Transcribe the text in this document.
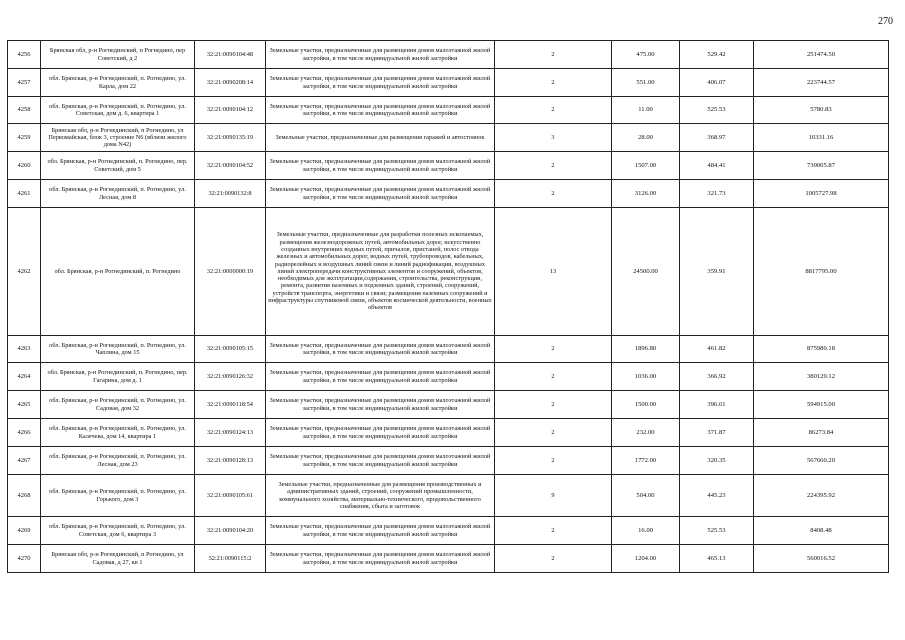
270
4256	Брянская обл, р-н Рогнединский, п Рогнедино, пер Советский, д 2	32:21:0090104:48	Земельные участки, предназначенные для размещения домов малоэтажной жилой застройки, в том числе индивидуальной жилой застройки	2	475.00	529.42	251474.50
4257	обл. Брянская, р-н Рогнединский, п. Рогнедино, ул. Карла, дом 22	32:21:0090208:14	Земельные участки, предназначенные для размещения домов малоэтажной жилой застройки, в том числе индивидуальной жилой застройки	2	551.00	406.07	223744.57
4258	обл. Брянская, р-н Рогнединский, п. Рогнедино, ул. Советская, дом д. 6, квартира 1	32:21:0090104:12	Земельные участки, предназначенные для размещения домов малоэтажной жилой застройки, в том числе индивидуальной жилой застройки	2	11.00	525.53	5780.83
4259	Брянская обл, р-н Рогнединский, п Рогнедино, ул Первомайская, блок 3, строение N6 (вблизи жилого дома N42)	32:21:0090135:19	Земельные участки, предназначенные для размещения гаражей и автостоянок	3	28.00	368.97	10331.16
4260	обл. Брянская, р-н Рогнединский, п. Рогнедино, пер. Советский, дом 5	32:21:0090104:52	Земельные участки, предназначенные для размещения домов малоэтажной жилой застройки, в том числе индивидуальной жилой застройки	2	1507.00	484.41	730005.87
4261	обл. Брянская, р-н Рогнединский, п. Рогнедино, ул. Лесная, дом 8	32:21:0090132:8	Земельные участки, предназначенные для размещения домов малоэтажной жилой застройки, в том числе индивидуальной жилой застройки	2	3126.00	321.73	1005727.98
4262	обл. Брянская, р-н Рогнединский, п. Рогнедино	32:21:0000000:19	Земельные участки, предназначенные для разработки полезных ископаемых, размещения железнодорожных путей, автомобильных дорог, искусственно созданных внутренних водных путей, причалов, пристаней, полос отвода железных и автомобильных дорог, водных путей, трубопроводов, кабельных, радиорелейных и воздушных линий связи и линий радиофикации, воздушных линий электропередачи конструктивных элементов и сооружений, объектов, необходимых для эксплуатации,содержания, строительства, реконструкции, ремонта, развития наземных и подземных зданий, строений, сооружений, устройств транспорта, энергетики и связи; размещения наземных сооружений и инфраструктуры спутниковой связи, объектов космической деятельности, военных объектов	13	24500.00	359.91	8817795.00
4263	обл. Брянская, р-н Рогнединский, п. Рогнедино, ул. Чаплина, дом 15	32:21:0090105:15	Земельные участки, предназначенные для размещения домов малоэтажной жилой застройки, в том числе индивидуальной жилой застройки	2	1896.80	461.82	875980.18
4264	обл. Брянская, р-н Рогнединский, п. Рогнедино, пер. Гагарина, дом д. 1	32:21:0090126:32	Земельные участки, предназначенные для размещения домов малоэтажной жилой застройки, в том числе индивидуальной жилой застройки	2	1036.00	366.92	380129.12
4265	обл. Брянская, р-н Рогнединский, п. Рогнедино, ул. Садовая, дом 32	32:21:0090118:54	Земельные участки, предназначенные для размещения домов малоэтажной жилой застройки, в том числе индивидуальной жилой застройки	2	1500.00	396.61	594915.00
4266	обл. Брянская, р-н Рогнединский, п. Рогнедино, ул. Калечева, дом 14, квартира 1	32:21:0090124:13	Земельные участки, предназначенные для размещения домов малоэтажной жилой застройки, в том числе индивидуальной жилой застройки	2	232.00	371.87	86273.84
4267	обл. Брянская, р-н Рогнединский, п. Рогнедино, ул. Лесная, дом 23	32:21:0090128:13	Земельные участки, предназначенные для размещения домов малоэтажной жилой застройки, в том числе индивидуальной жилой застройки	2	1772.00	320.35	567660.20
4268	обл. Брянская, р-н Рогнединский, п. Рогнедино, ул. Горького, дом 3	32:21:0090105:61	Земельные участки, предназначенные для размещения производственных и административных зданий, строений, сооружений промышленности, коммунального хозяйства, материально-технического, продовольственного снабжения, сбыта и заготовок	9	504.00	445.23	224395.92
4269	обл. Брянская, р-н Рогнединский, п. Рогнедино, ул. Советская, дом 6, квартира 3	32:21:0090104:20	Земельные участки, предназначенные для размещения домов малоэтажной жилой застройки, в том числе индивидуальной жилой застройки	2	16.00	525.53	8408.48
4270	Брянская обл, р-н Рогнединский, п Рогнедино, ул Садовая, д 27, кв 1	32:21:0090115:2	Земельные участки, предназначенные для размещения домов малоэтажной жилой застройки, в том числе индивидуальной жилой застройки	2	1204.00	465.13	560016.52
